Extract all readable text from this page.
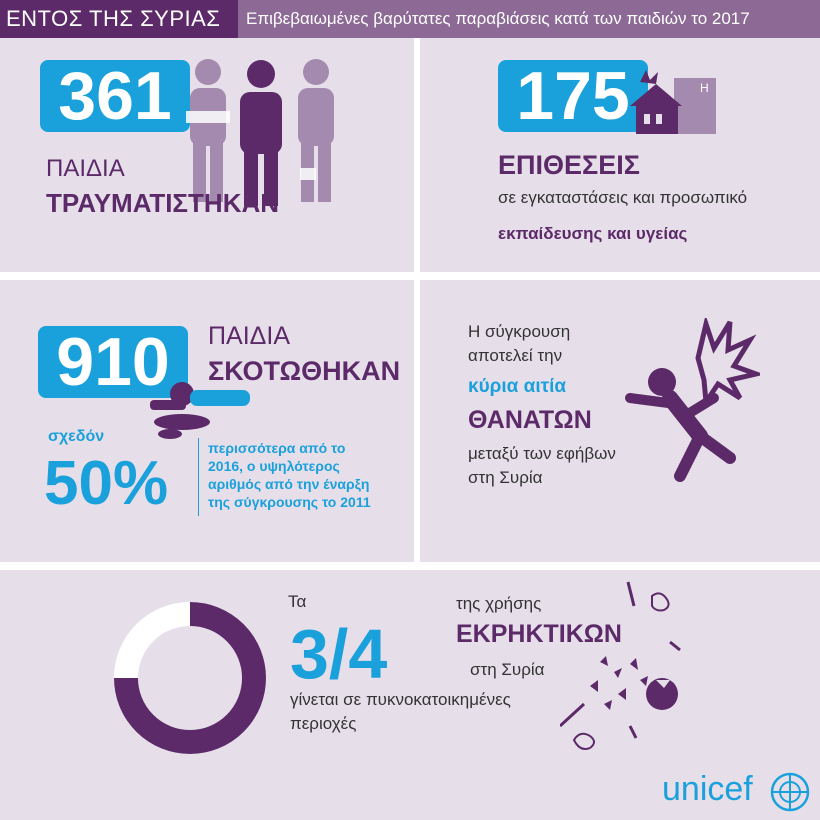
ΕΝΤΟΣ ΤΗΣ ΣΥΡΙΑΣ	Επιβεβαιωμένες βαρύτατες παραβιάσεις κατά των παιδιών το 2017
361
ΠΑΙΔΙΑ
ΤΡΑΥΜΑΤΙΣΤΗΚΑΝ
175	H
ΕΠΙΘΕΣΕΙΣ
σε εγκαταστάσεις και προσωπικό
εκπαίδευσης και υγείας
910	ΠΑΙΔΙΑ
ΣΚΟΤΩΘΗΚΑΝ
σχεδόν
50%
περισσότερα από το
2016, ο υψηλότερος
αριθμός από την έναρξη
της σύγκρουσης το 2011
Η σύγκρουση
αποτελεί την
κύρια αιτία
ΘΑΝΑΤΩΝ
μεταξύ των εφήβων
στη Συρία
Τα
3/4
της χρήσης
ΕΚΡΗΚΤΙΚΩΝ
στη Συρία
γίνεται σε πυκνοκατοικημένες
περιοχές
unicef
